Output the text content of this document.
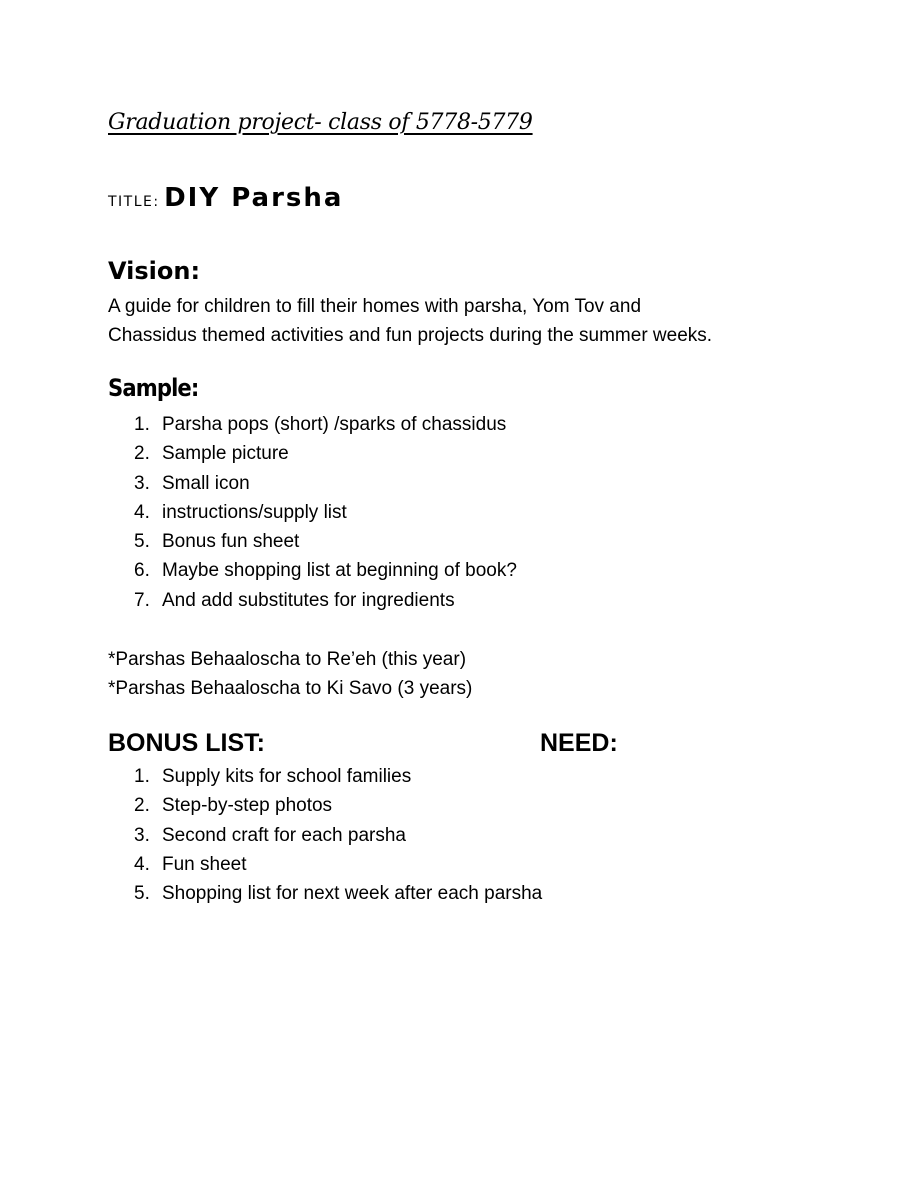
Graduation project- class of 5778-5779

TITLE: DIY Parsha

Vision:
A guide for children to fill their homes with parsha, Yom Tov and
Chassidus themed activities and fun projects during the summer weeks.
Sample:
1. Parsha pops (short) /sparks of chassidus
2. Sample picture
3. Small icon
4. instructions/supply list
5. Bonus fun sheet
6. Maybe shopping list at beginning of book?
7. And add substitutes for ingredients
*Parshas Behaaloscha to Re’eh (this year)
*Parshas Behaaloscha to Ki Savo (3 years)
BONUS LIST:	NEED:
1. Supply kits for school families
2. Step-by-step photos
3. Second craft for each parsha
4. Fun sheet
5. Shopping list for next week after each parsha
